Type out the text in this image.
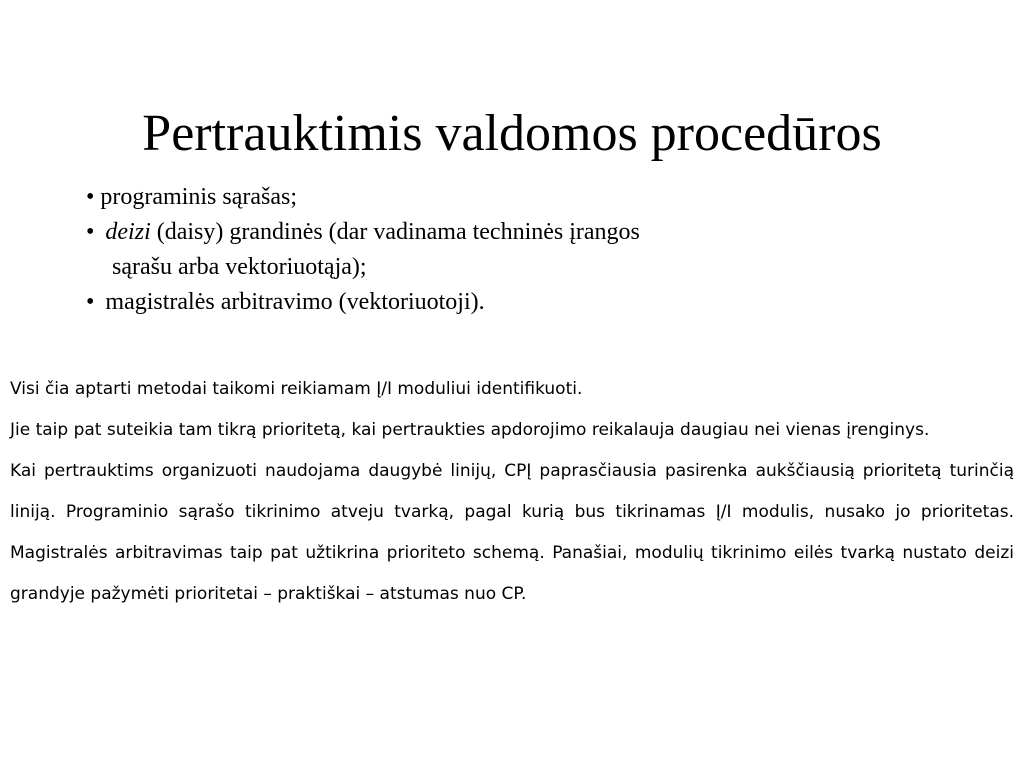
Pertrauktimis valdomos procedūros
• programinis sąrašas;
• deizi (daisy) grandinės (dar vadinama techninės įrangos
sąrašu arba vektoriuotąja);
• magistralės arbitravimo (vektoriuotoji).

Visi čia aptarti metodai taikomi reikiamam Į/I moduliui identifikuoti.

Jie taip pat suteikia tam tikrą prioritetą, kai pertraukties apdorojimo reikalauja daugiau nei vienas įrenginys.

Kai pertrauktims organizuoti naudojama daugybė linijų, CPĮ paprasčiausia pasirenka aukščiausią prioritetą turinčią liniją. Programinio sąrašo tikrinimo atveju tvarką, pagal kurią bus tikrinamas Į/I modulis, nusako jo prioritetas. Magistralės arbitravimas taip pat užtikrina prioriteto schemą. Panašiai, modulių tikrinimo eilės tvarką nustato deizi grandyje pažymėti prioritetai – praktiškai – atstumas nuo CP.
